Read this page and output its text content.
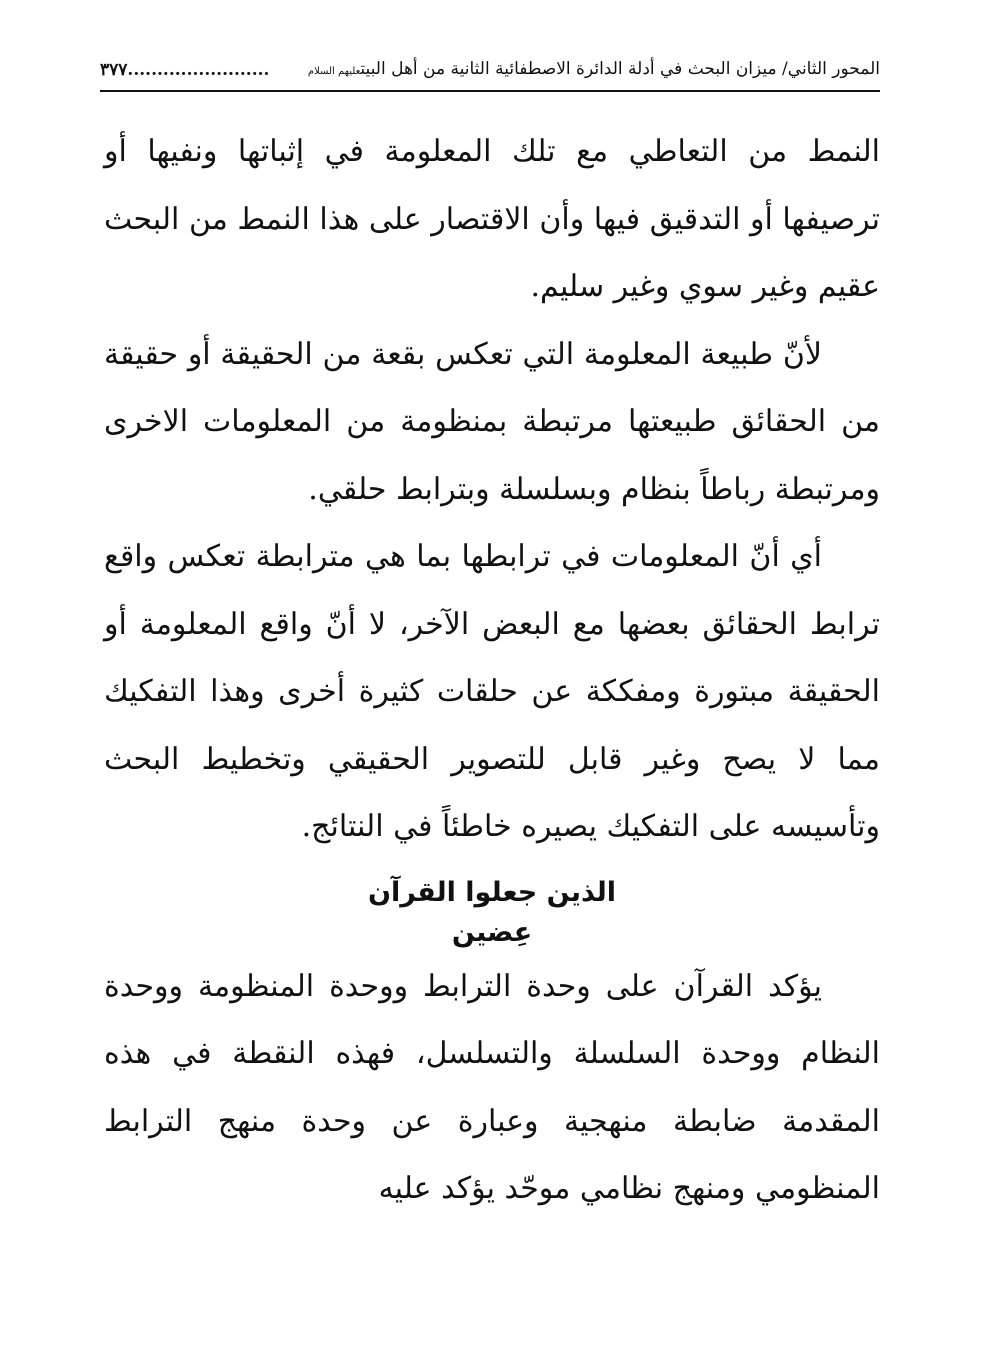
المحور الثاني/ ميزان البحث في أدلة الدائرة الاصطفائية الثانية من أهل البيتعليهم السلام
٣٧٧........................

النمط من التعاطي مع تلك المعلومة في إثباتها ونفيها أو ترصيفها أو التدقيق فيها وأن الاقتصار على هذا النمط من البحث عقيم وغير سوي وغير سليم.

لأنّ طبيعة المعلومة التي تعكس بقعة من الحقيقة أو حقيقة من الحقائق طبيعتها مرتبطة بمنظومة من المعلومات الاخرى ومرتبطة رباطاً بنظام وبسلسلة وبترابط حلقي.

أي أنّ المعلومات في ترابطها بما هي مترابطة تعكس واقع ترابط الحقائق بعضها مع البعض الآخر، لا أنّ واقع المعلومة أو الحقيقة مبتورة ومفككة عن حلقات كثيرة أخرى وهذا التفكيك مما لا يصح وغير قابل للتصوير الحقيقي وتخطيط البحث وتأسيسه على التفكيك يصيره خاطئاً في النتائج.

الذين جعلوا القرآن
عِضين

يؤكد القرآن على وحدة الترابط ووحدة المنظومة ووحدة النظام ووحدة السلسلة والتسلسل، فهذه النقطة في هذه المقدمة ضابطة منهجية وعبارة عن وحدة منهج الترابط المنظومي ومنهج نظامي موحّد يؤكد عليه
